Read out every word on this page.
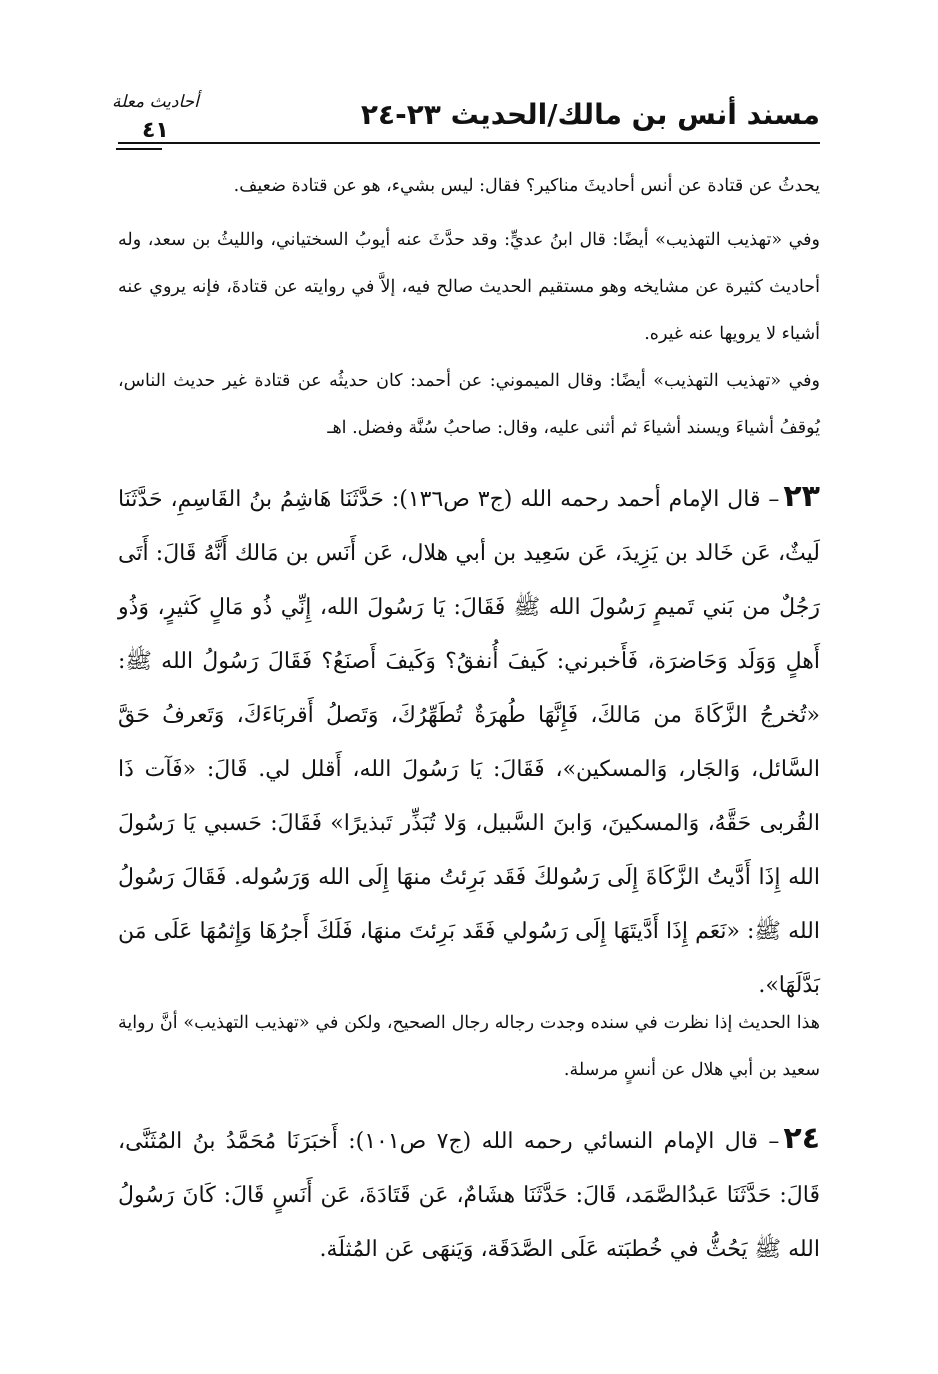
مسند أنس بن مالك/الحديث ٢٣-٢٤
أحاديث معلة
٤١

يحدثُ عن قتادة عن أنس أحاديثَ مناكير؟ فقال: ليس بشيء، هو عن قتادة ضعيف.

وفي «تهذيب التهذيب» أيضًا: قال ابنُ عديٍّ: وقد حدَّثَ عنه أيوبُ السختياني، والليثُ بن سعد، وله أحاديث كثيرة عن مشايخه وهو مستقيم الحديث صالح فيه، إلاَّ في روايته عن قتادةَ، فإنه يروي عنه أشياء لا يرويها عنه غيره.

وفي «تهذيب التهذيب» أيضًا: وقال الميموني: عن أحمد: كان حديثُه عن قتادة غير حديث الناس، يُوقفُ أشياءَ ويسند أشياءَ ثم أثنى عليه، وقال: صاحبُ سُنَّة وفضل. اهـ

٢٣– قال الإمام أحمد رحمه الله (ج٣ ص١٣٦): حَدَّثَنَا هَاشِمُ بنُ القَاسِمِ، حَدَّثَنَا لَيثٌ، عَن خَالد بن يَزِيدَ، عَن سَعِيد بن أبي هلال، عَن أَنَس بن مَالك أَنَّهُ قَالَ: أَتَى رَجُلٌ من بَني تَميمٍ رَسُولَ الله ﷺ فَقَالَ: يَا رَسُولَ الله، إِنِّي ذُو مَالٍ كَثيرٍ، وَذُو أَهلٍ وَوَلَد وَحَاضرَة، فَأَخبرني: كَيفَ أُنفقُ؟ وَكَيفَ أَصنَعُ؟ فَقَالَ رَسُولُ الله ﷺ: «تُخرجُ الزَّكَاةَ من مَالكَ، فَإِنَّهَا طُهرَةٌ تُطَهِّرُكَ، وَتَصلُ أَقربَاءَكَ، وَتَعرفُ حَقَّ السَّائل، وَالجَار، وَالمسكين»، فَقَالَ: يَا رَسُولَ الله، أَقلل لي. قَالَ: «فَآت ذَا القُربى حَقَّهُ، وَالمسكينَ، وَابنَ السَّبيل، وَلا تُبَذِّر تَبذيرًا» فَقَالَ: حَسبي يَا رَسُولَ الله إِذَا أَدَّيتُ الزَّكَاةَ إِلَى رَسُولكَ فَقَد بَرِئتُ منهَا إِلَى الله وَرَسُوله. فَقَالَ رَسُولُ الله ﷺ: «نَعَم إِذَا أَدَّيتَهَا إِلَى رَسُولي فَقَد بَرِئتَ منهَا، فَلَكَ أَجرُهَا وَإِثمُهَا عَلَى مَن بَدَّلَهَا».

هذا الحديث إذا نظرت في سنده وجدت رجاله رجال الصحيح، ولكن في «تهذيب التهذيب» أنَّ رواية سعيد بن أبي هلال عن أنسٍ مرسلة.

٢٤– قال الإمام النسائي رحمه الله (ج٧ ص١٠١): أَخبَرَنَا مُحَمَّدُ بنُ المُثَنَّى، قَالَ: حَدَّثَنَا عَبدُالصَّمَد، قَالَ: حَدَّثَنَا هشَامٌ، عَن قَتَادَةَ، عَن أَنَسٍ قَالَ: كَانَ رَسُولُ الله ﷺ يَحُثُّ في خُطبَته عَلَى الصَّدَقَة، وَيَنهَى عَن المُثلَة.
